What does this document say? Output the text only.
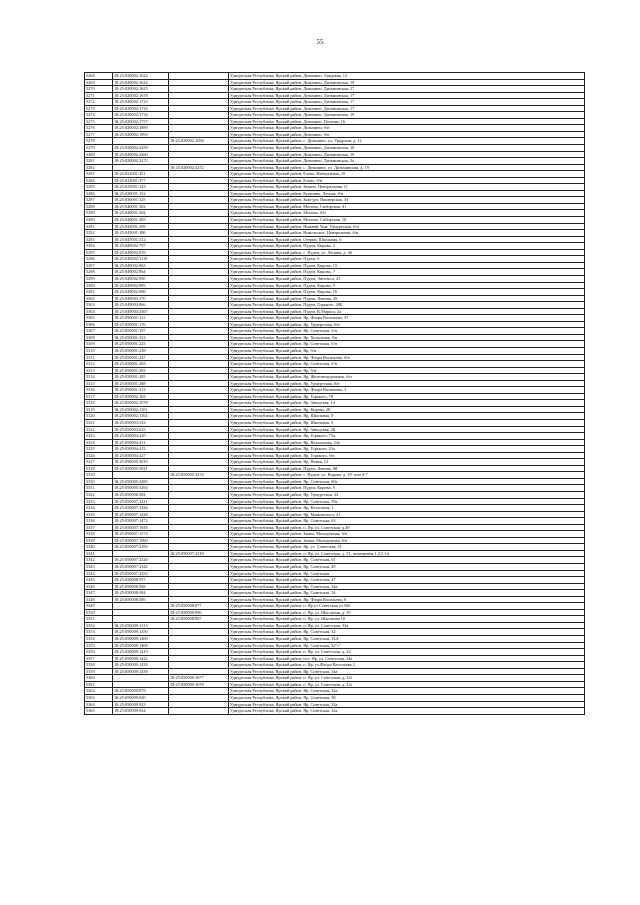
55
5268	18:25:020002:1622		Удмуртская Республика, Ярский район, Дизьмино, Урядская, 12
5269	18:25:020002:1624		Удмуртская Республика, Ярский район, Дизьмино, Дизьминская, 19
5270	18:25:020002:1625		Удмуртская Республика, Ярский район, Дизьмино, Дизьминская, 17
5271	18:25:020002:1678		Удмуртская Республика, Ярский район, Дизьмино, Дизьминская, 17
5272	18:25:020002:1723		Удмуртская Республика, Ярский район, Дизьмино, Дизьминская, 17
5273	18:25:020002:1725		Удмуртская Республика, Ярский район, Дизьмино, Дизьминская, 17
5274	18:25:020002:1732		Удмуртская Республика, Ярский район, Дизьмино, Дизьминская, 19
5275	18:25:020002:1757		Удмуртская Республика, Ярский район, Дизьмино, Пальмы, 16
5276	18:25:020002:1889		Удмуртская Республика, Ярский район, Дизьмино, б/н
5277	18:25:020002:1893		Удмуртская Республика, Ярский район, Дизьмино, б/н
5278		18:25:020002:2094	Удмуртская Республика, Ярский район, с. Дизьмино, ул. Урядская, д. 12
5279	18:25:020002:2259		Удмуртская Республика, Ярский район, Дизьмино, Дизьминская, 19
5280	18:25:020002:2260		Удмуртская Республика, Ярский район, Дизьмино, Дизьминская, 19
5281	18:25:020002:2272		Удмуртская Республика, Ярский район, Дизьмино, Дизьминская, 2а
5282		18:25:020002:2272	Удмуртская Республика, Ярский район, с. Дизьмино, ул. Дизьминская, д. 19
5283	18:25:022001:451		Удмуртская Республика, Ярский район, Елово, Набережная, 10
5284	18:25:022001:477		Удмуртская Республика, Ярский район, Елово, б/н
5285	18:25:025001:143		Удмуртская Республика, Ярский район, Зязино, Центральная, 11
5286	18:25:028001:152		Удмуртская Республика, Ярский район, Кушнино, Лесная, б/н
5287	18:25:036001:325		Удмуртская Республика, Ярский район, Зяжгурт, Пионерская, 34
5288	18:25:040001:302		Удмуртская Республика, Ярский район, Мосино, Сибирская, 41
5289	18:25:040001:304		Удмуртская Республика, Ярский район, Мосино, б/н
5290	18:25:040001:305		Удмуртская Республика, Ярский район, Мосино, Сибирская, 10
5291	18:25:043001:209		Удмуртская Республика, Ярский район, Нижний Уим, Удмуртская, б/н
5292	18:25:045001:186		Удмуртская Республика, Ярский район, Никольское, Центральная, б/н
5293	18:25:047001:512		Удмуртская Республика, Ярский район, Озерки, Школьная, 6
5294	18:25:049002:797		Удмуртская Республика, Ярский район, Пудем, Кирова, 2
5295	18:25:049002:819		Удмуртская Республика, Ярский район, с. Пудем, ул. Ленина, д. 46
5296	18:25:049002:1118		Удмуртская Республика, Ярский район, Пудем, 6
5297	18:25:049002:863		Удмуртская Республика, Ярский район, Пудем, Кирова, 15
5298	18:25:049002:864		Удмуртская Республика, Ярский район, Пудем, Кирова, 7
5299	18:25:049002:950		Удмуртская Республика, Ярский район, Пудем, Энгельса, 25
5300	18:25:049002:995		Удмуртская Республика, Ярский район, Пудем, Кирова, 9
5301	18:25:049002:996		Удмуртская Республика, Ярский район, Пудем, Кирова, 10
5302	18:25:049003:370		Удмуртская Республика, Ярский район, Пудем, Ленина, 49
5303	18:25:049003:866		Удмуртская Республика, Ярский район, Пудем, Горького, 49Б
5304	18:25:049004:3567		Удмуртская Республика, Ярский район, Пудем, К.Маркса, 2а
5305	18:25:050001:111		Удмуртская Республика, Ярский район, Яр, Флора Васильева, 37
5306	18:25:050001:176		Удмуртская Республика, Ярский район, Яр, Удмуртская, б/н
5307	18:25:050001:197		Удмуртская Республика, Ярский район, Яр, Советская, б/н
5308	18:25:050001:223		Удмуртская Республика, Ярский район, Яр, Холхозная, б/н
5309	18:25:050001:225		Удмуртская Республика, Ярский район, Яр, Советская, б/н
5310	18:25:050001:238		Удмуртская Республика, Ярский район, Яр, б/н
5311	18:25:050001:247		Удмуртская Республика, Ярский район, Яр, Флора Васильева, б/н
5312	18:25:050001:263		Удмуртская Республика, Ярский район, Яр, Советская, б/н
5313	18:25:050001:283		Удмуртская Республика, Ярский район, Яр, б/н
5314	18:25:050001:285		Удмуртская Республика, Ярский район, Яр, Железнодорожная, б/н
5315	18:25:050001:288		Удмуртская Республика, Ярский район, Яр, Удмуртская, б/н
5316	18:25:050001:313		Удмуртская Республика, Ярский район, Яр, Флора Васильева, 3
5317	18:25:050002:163		Удмуртская Республика, Ярский район, Яр, Горького, 78
5318	18:25:050002:1078		Удмуртская Республика, Ярский район, Яр, Заводская, 14
5319	18:25:050002:1101		Удмуртская Республика, Ярский район, Яр, Кирова, 2Б
5320	18:25:050002:1102		Удмуртская Республика, Ярский район, Яр, Школьная, 8
5321	18:25:050003:533		Удмуртская Республика, Ярский район, Яр, Школьная, 6
5322	18:25:050003:615		Удмуртская Республика, Ярский район, Яр, Заводская, 2Б
5323	18:25:050004:410		Удмуртская Республика, Ярский район, Яр, Горького, 73а
5324	18:25:050004:411		Удмуртская Республика, Ярский район, Яр, Вокзальная, 24а
5325	18:25:050004:415		Удмуртская Республика, Ярский район, Яр, Горького, 23а
5326	18:25:050004:427		Удмуртская Республика, Ярский район, Яр, Горького, б/н
5327	18:25:050005:3019		Удмуртская Республика, Ярский район, Яр, Новая, 12
5328	18:25:050005:3021		Удмуртская Республика, Ярский район, Пудем, Ленина, 88
5329		18:25:050005:3274	Удмуртская Республика, Ярский район, с. Пудем, ул. Кирова, д. 19, пом 4-7
5330	18:25:050005:3285		Удмуртская Республика, Ярский район, Яр, Советская, 60а
5331	18:25:050005:3293		Удмуртская Республика, Ярский район, Пудем, Кирова, 9
5332	18:25:050006:584		Удмуртская Республика, Ярский район, Яр, Удмуртская, 24
5333	18:25:050007:1411		Удмуртская Республика, Ярский район, Яр, Советская, 59а
5334	18:25:050007:1426		Удмуртская Республика, Ярский район, Яр, Колхозная, 1
5335	18:25:050007:1428		Удмуртская Республика, Ярский район, Яр, Маяковского, 21
5336	18:25:050007:1472		Удмуртская Республика, Ярский район, Яр, Советская, 63
5337	18:25:050007:1935		Удмуртская Республика, Ярский район, п. Яр, ул. Советская, д.49
5338	18:25:050007:1574		Удмуртская Республика, Ярский район, Зямка, Молодежная, б/н
5339	18:25:050007:1960		Удмуртская Республика, Ярский район, Зямка, Молодежная, б/н
5340	18:25:050007:2295		Удмуртская Республика, Ярский район, Яр, ул. Советская, 51
5341		18:25:050007:2318	Удмуртская Республика, Ярский район, п. Яр, ул. Советская, д. 51, помещения 1,3,5-14
5342	18:25:050007:2320		Удмуртская Республика, Ярский район, Яр, Советская, 61
5343	18:25:050007:2342		Удмуртская Республика, Ярский район, Яр, Советская, 49
5344	18:25:050007:2352		Удмуртская Республика, Ярский район, Яр, Советская
5345	18:25:050008:557		Удмуртская Республика, Ярский район, Яр, Советская, 47
5346	18:25:050008:568		Удмуртская Республика, Ярский район, Яр, Советская, 34а
5347	18:25:050008:584		Удмуртская Республика, Ярский район, Яр, Советская, 34
5348	18:25:050008:589		Удмуртская Республика, Ярский район, Яр, Флора Васильева, 8
5349		18:25:050008:877	Удмуртская Республика, Ярский район, п. Яр ул Советская ул.50б
5350		18:25:050008:896	Удмуртская Республика, Ярский район, п. Яр, ул. Школьная, д. 10
5351		18:25:050008:897	Удмуртская Республика, Ярский район, п. Яр, ул. Школьная 10
5352	18:25:050009:1313		Удмуртская Республика, Ярский район, п. Яр, ул. Советская, 32а
5353	18:25:050009:1350		Удмуртская Республика, Ярский район, Яр, Советская, 32
5354	18:25:050009:1400		Удмуртская Республика, Ярский район, Яр, Советская, 34А
5355	18:25:050009:1408		Удмуртская Республика, Ярский район, Яр, Советская, 32"г"
5356	18:25:050009:1419		Удмуртская Республика, Ярский район, п. Яр, ул. Советская, д. 32
5357	18:25:050009:1422		Удмуртская Республика, Ярский район, пос. Яр, ул. Советская, 24а
5358	18:25:050009:1433		Удмуртская Республика, Ярский район, п. Яр, ул.Флора Васильева,3
5359	18:25:050009:1439		Удмуртская Республика, Ярский район, Яр, Советская, 34а
5360		18:25:050009:1677	Удмуртская Республика, Ярский район, п. Яр, ул. Советская, д. 32г
5361		18:25:050009:1678	Удмуртская Республика, Ярский район, п. Яр, ул. Советская, д. 32г
5362	18:25:050009:878		Удмуртская Республика, Ярский район, Яр, Советская, 32а
5363	18:25:050009:920		Удмуртская Республика, Ярский район, Яр, Советская, 38
5364	18:25:050009:923		Удмуртская Республика, Ярский район, Яр, Советская, 32а
5365	18:25:050009:924		Удмуртская Республика, Ярский район, Яр, Советская, 32а
